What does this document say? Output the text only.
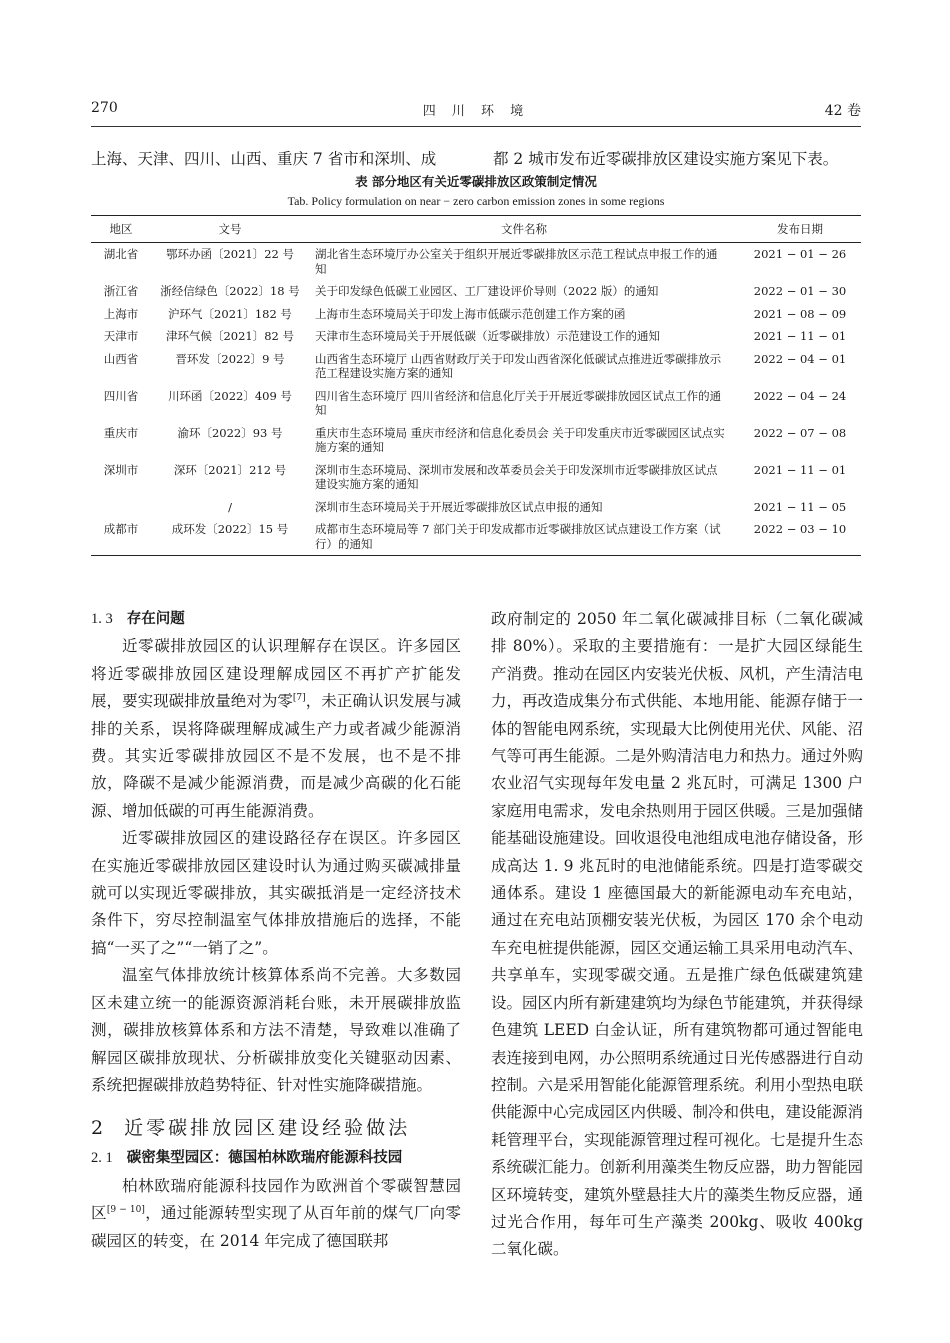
270	四 川 环 境	42 卷
上海、天津、四川、山西、重庆 7 省市和深圳、成	都 2 城市发布近零碳排放区建设实施方案见下表。
表 部分地区有关近零碳排放区政策制定情况
Tab. Policy formulation on near − zero carbon emission zones in some regions
地区	文号	文件名称	发布日期
湖北省	鄂环办函〔2021〕22 号	湖北省生态环境厅办公室关于组织开展近零碳排放区示范工程试点申报工作的通知	2021 − 01 − 26
浙江省	浙经信绿色〔2022〕18 号	关于印发绿色低碳工业园区、工厂建设评价导则（2022 版）的通知	2022 − 01 − 30
上海市	沪环气〔2021〕182 号	上海市生态环境局关于印发上海市低碳示范创建工作方案的函	2021 − 08 − 09
天津市	津环气候〔2021〕82 号	天津市生态环境局关于开展低碳（近零碳排放）示范建设工作的通知	2021 − 11 − 01
山西省	晋环发〔2022〕9 号	山西省生态环境厅 山西省财政厅关于印发山西省深化低碳试点推进近零碳排放示范工程建设实施方案的通知	2022 − 04 − 01
四川省	川环函〔2022〕409 号	四川省生态环境厅 四川省经济和信息化厅关于开展近零碳排放园区试点工作的通知	2022 − 04 − 24
重庆市	渝环〔2022〕93 号	重庆市生态环境局 重庆市经济和信息化委员会 关于印发重庆市近零碳园区试点实施方案的通知	2022 − 07 − 08
深圳市	深环〔2021〕212 号	深圳市生态环境局、深圳市发展和改革委员会关于印发深圳市近零碳排放区试点建设实施方案的通知	2021 − 11 − 01
	/	深圳市生态环境局关于开展近零碳排放区试点申报的通知	2021 − 11 − 05
成都市	成环发〔2022〕15 号	成都市生态环境局等 7 部门关于印发成都市近零碳排放区试点建设工作方案（试行）的通知	2022 − 03 − 10
1. 3 存在问题

近零碳排放园区的认识理解存在误区。许多园区将近零碳排放园区建设理解成园区不再扩产扩能发展，要实现碳排放量绝对为零[7]，未正确认识发展与减排的关系，误将降碳理解成减生产力或者减少能源消费。其实近零碳排放园区不是不发展，也不是不排放，降碳不是减少能源消费，而是减少高碳的化石能源、增加低碳的可再生能源消费。

近零碳排放园区的建设路径存在误区。许多园区在实施近零碳排放园区建设时认为通过购买碳减排量就可以实现近零碳排放，其实碳抵消是一定经济技术条件下，穷尽控制温室气体排放措施后的选择，不能搞“一买了之”“一销了之”。

温室气体排放统计核算体系尚不完善。大多数园区未建立统一的能源资源消耗台账，未开展碳排放监测，碳排放核算体系和方法不清楚，导致难以准确了解园区碳排放现状、分析碳排放变化关键驱动因素、系统把握碳排放趋势特征、针对性实施降碳措施。

2 近零碳排放园区建设经验做法
2. 1 碳密集型园区：德国柏林欧瑞府能源科技园

柏林欧瑞府能源科技园作为欧洲首个零碳智慧园区[9 − 10]，通过能源转型实现了从百年前的煤气厂向零碳园区的转变，在 2014 年完成了德国联邦

政府制定的 2050 年二氧化碳减排目标（二氧化碳减排 80%）。采取的主要措施有：一是扩大园区绿能生产消费。推动在园区内安装光伏板、风机，产生清洁电力，再改造成集分布式供能、本地用能、能源存储于一体的智能电网系统，实现最大比例使用光伏、风能、沼气等可再生能源。二是外购清洁电力和热力。通过外购农业沼气实现每年发电量 2 兆瓦时，可满足 1300 户家庭用电需求，发电余热则用于园区供暖。三是加强储能基础设施建设。回收退役电池组成电池存储设备，形成高达 1. 9 兆瓦时的电池储能系统。四是打造零碳交通体系。建设 1 座德国最大的新能源电动车充电站，通过在充电站顶棚安装光伏板，为园区 170 余个电动车充电桩提供能源，园区交通运输工具采用电动汽车、共享单车，实现零碳交通。五是推广绿色低碳建筑建设。园区内所有新建建筑均为绿色节能建筑，并获得绿色建筑 LEED 白金认证，所有建筑物都可通过智能电表连接到电网，办公照明系统通过日光传感器进行自动控制。六是采用智能化能源管理系统。利用小型热电联供能源中心完成园区内供暖、制冷和供电，建设能源消耗管理平台，实现能源管理过程可视化。七是提升生态系统碳汇能力。创新利用藻类生物反应器，助力智能园区环境转变，建筑外壁悬挂大片的藻类生物反应器，通过光合作用，每年可生产藻类 200kg、吸收 400kg 二氧化碳。
